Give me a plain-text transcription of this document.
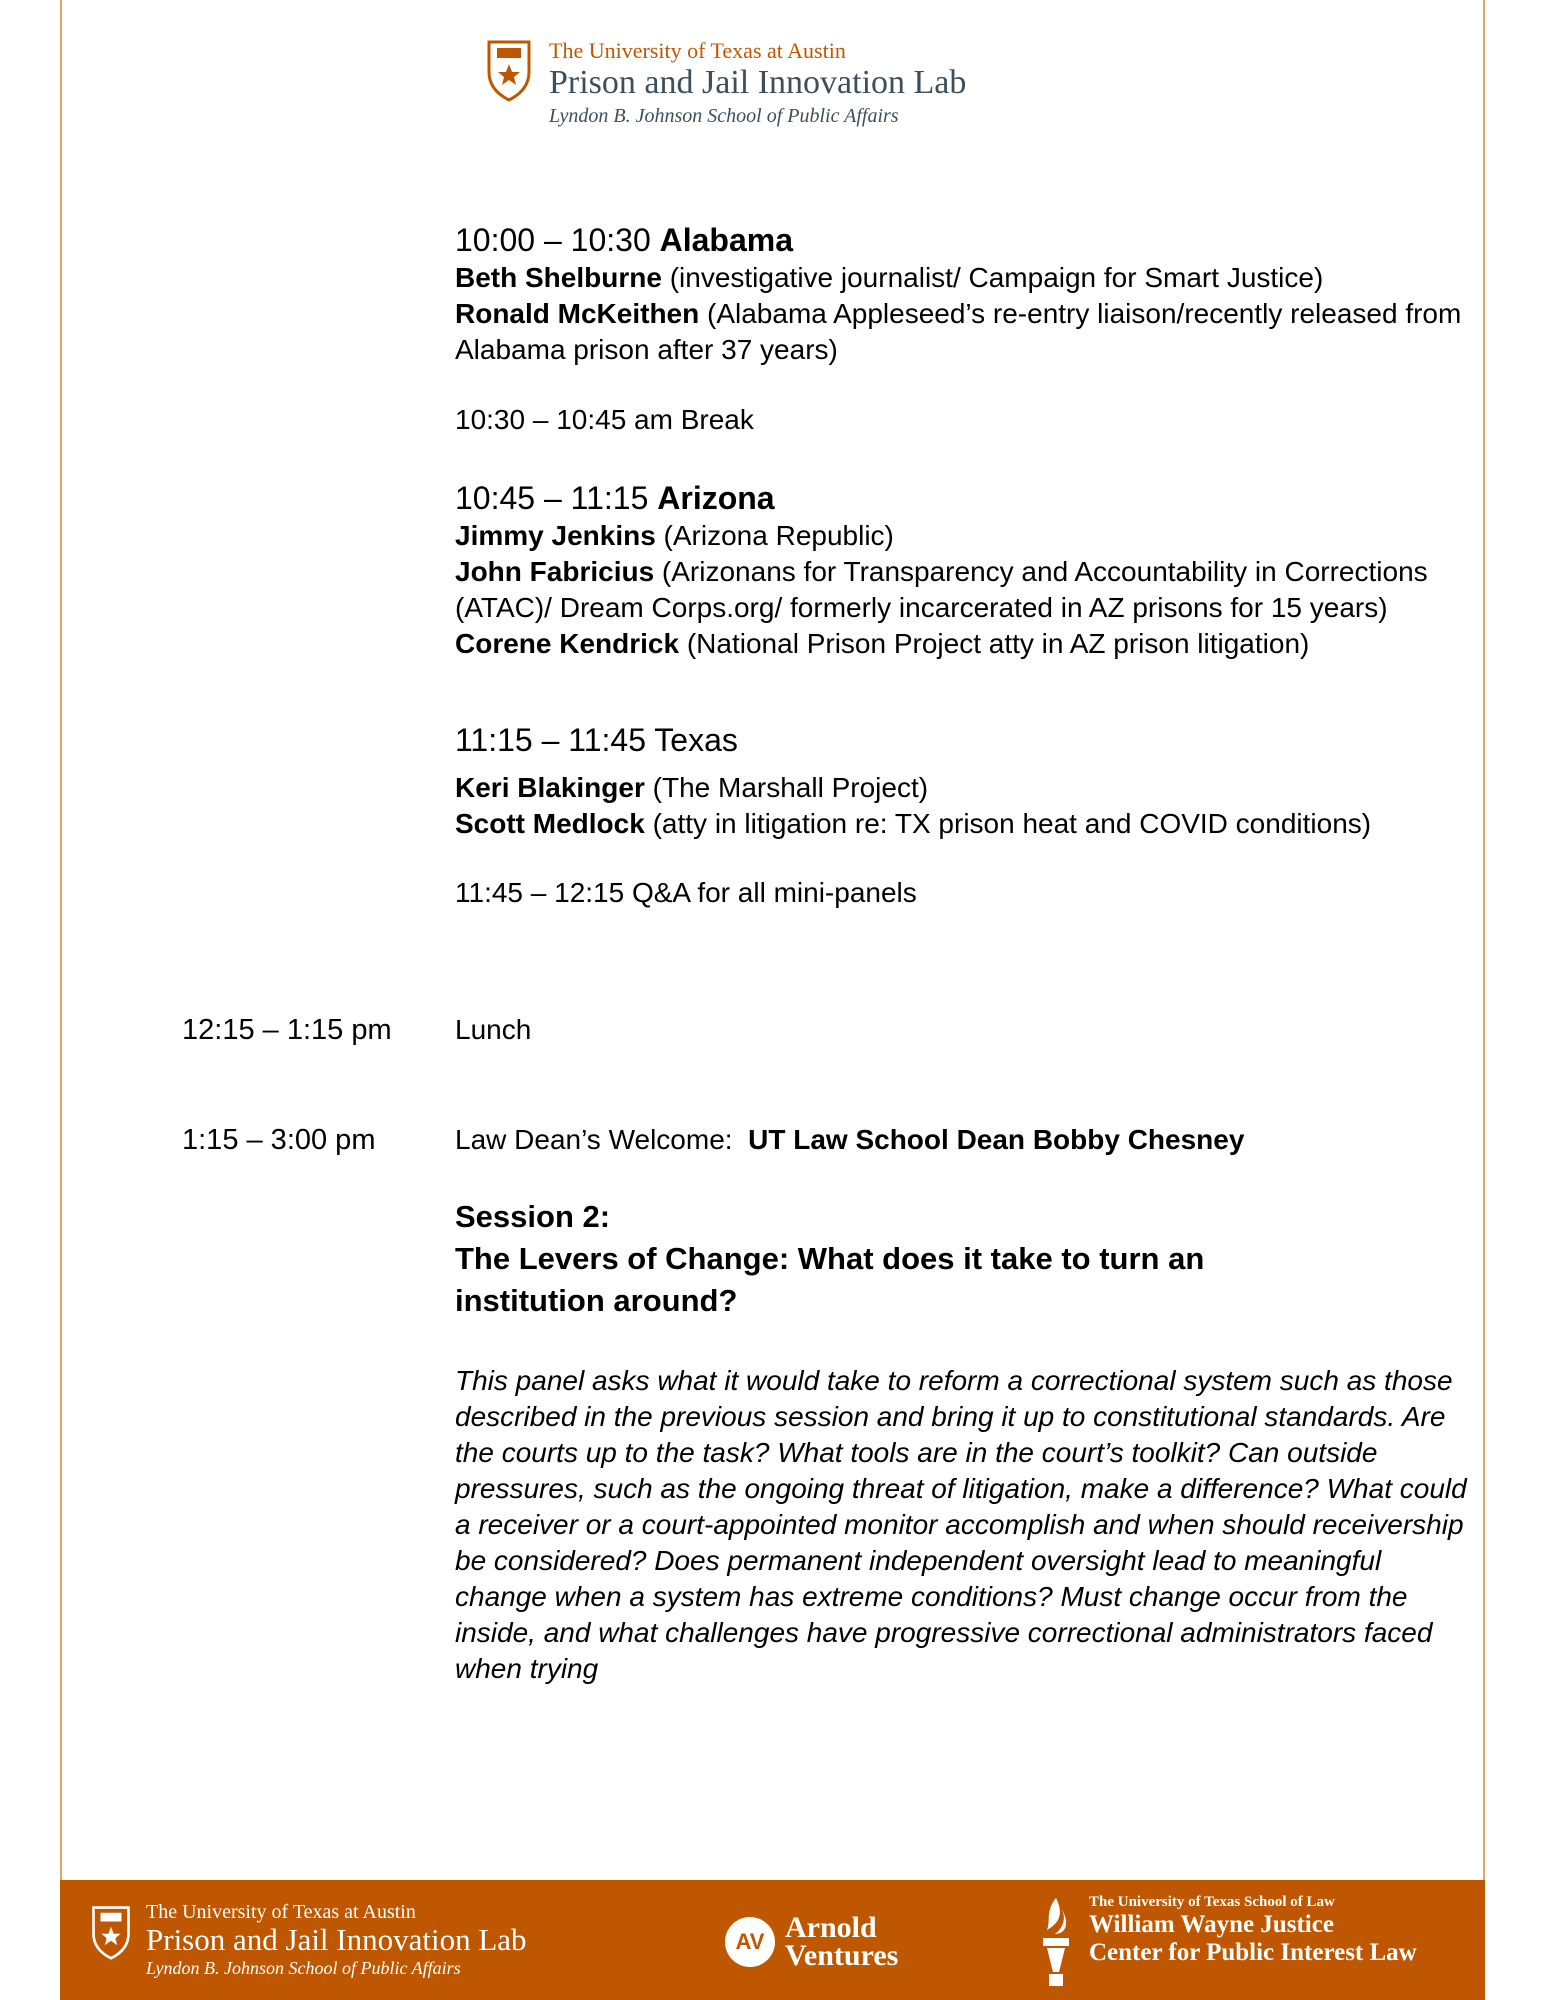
The University of Texas at Austin
Prison and Jail Innovation Lab
Lyndon B. Johnson School of Public Affairs
10:00 – 10:30 Alabama
Beth Shelburne (investigative journalist/ Campaign for Smart Justice)
Ronald McKeithen (Alabama Appleseed’s re-entry liaison/recently released from Alabama prison after 37 years)
10:30 – 10:45 am Break
10:45 – 11:15 Arizona
Jimmy Jenkins (Arizona Republic)
John Fabricius (Arizonans for Transparency and Accountability in Corrections (ATAC)/ Dream Corps.org/ formerly incarcerated in AZ prisons for 15 years)
Corene Kendrick (National Prison Project atty in AZ prison litigation)
11:15 – 11:45 Texas
Keri Blakinger (The Marshall Project)
Scott Medlock (atty in litigation re: TX prison heat and COVID conditions)
11:45 – 12:15 Q&A for all mini-panels
12:15 – 1:15 pm Lunch
1:15 – 3:00 pm	Law Dean’s Welcome:  UT Law School Dean Bobby Chesney
Session 2:
The Levers of Change: What does it take to turn an institution around?
This panel asks what it would take to reform a correctional system such as those described in the previous session and bring it up to constitutional standards. Are the courts up to the task? What tools are in the court’s toolkit? Can outside pressures, such as the ongoing threat of litigation, make a difference? What could a receiver or a court-appointed monitor accomplish and when should receivership be considered? Does permanent independent oversight lead to meaningful change when a system has extreme conditions? Must change occur from the inside, and what challenges have progressive correctional administrators faced when trying
The University of Texas at Austin
Prison and Jail Innovation Lab
Lyndon B. Johnson School of Public Affairs
AV Arnold
Ventures
The University of Texas School of Law
William Wayne Justice
Center for Public Interest Law
